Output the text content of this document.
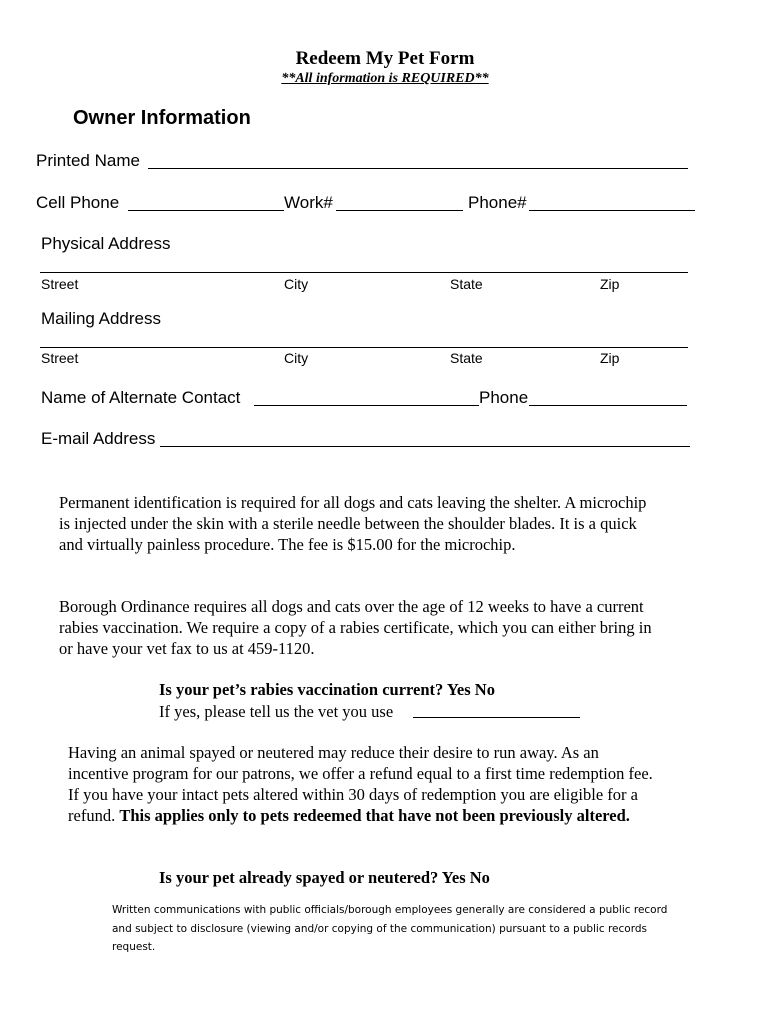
Redeem My Pet Form
**All information is REQUIRED**
Owner Information
Printed Name
Cell Phone	Work#	Phone#
Physical Address
Street	City	State	Zip
Mailing Address
Street	City	State	Zip
Name of Alternate Contact	Phone
E-mail Address
Permanent identification is required for all dogs and cats leaving the shelter. A microchip is injected under the skin with a sterile needle between the shoulder blades. It is a quick and virtually painless procedure. The fee is $15.00 for the microchip.
Borough Ordinance requires all dogs and cats over the age of 12 weeks to have a current rabies vaccination. We require a copy of a rabies certificate, which you can either bring in or have your vet fax to us at 459-1120.
Is your pet’s rabies vaccination current? Yes No
If yes, please tell us the vet you use
Having an animal spayed or neutered may reduce their desire to run away. As an incentive program for our patrons, we offer a refund equal to a first time redemption fee. If you have your intact pets altered within 30 days of redemption you are eligible for a refund. This applies only to pets redeemed that have not been previously altered.
Is your pet already spayed or neutered? Yes No
Written communications with public officials/borough employees generally are considered a public record and subject to disclosure (viewing and/or copying of the communication) pursuant to a public records request.
